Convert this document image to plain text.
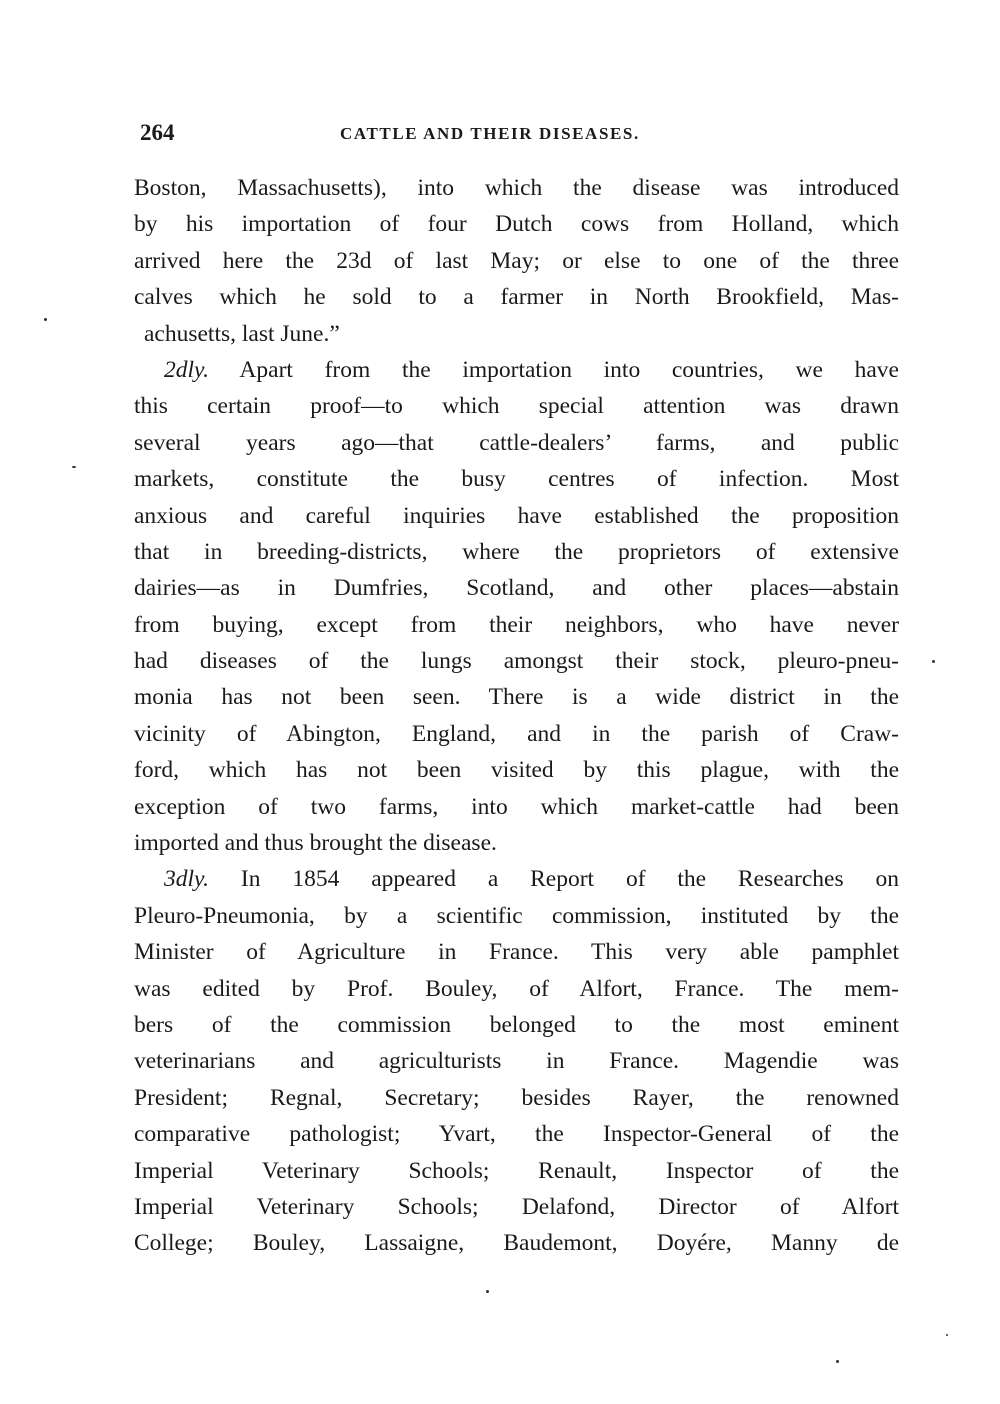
264	CATTLE AND THEIR DISEASES.
Boston, Massachusetts), into which the disease was introduced
by his importation of four Dutch cows from Holland, which
arrived here the 23d of last May; or else to one of the three
calves which he sold to a farmer in North Brookfield, Mas-
achusetts, last June.”
2dly. Apart from the importation into countries, we have
this certain proof—to which special attention was drawn
several years ago—that cattle-dealers’ farms, and public
markets, constitute the busy centres of infection. Most
anxious and careful inquiries have established the proposition
that in breeding-districts, where the proprietors of extensive
dairies—as in Dumfries, Scotland, and other places—abstain
from buying, except from their neighbors, who have never
had diseases of the lungs amongst their stock, pleuro-pneu-
monia has not been seen. There is a wide district in the
vicinity of Abington, England, and in the parish of Craw-
ford, which has not been visited by this plague, with the
exception of two farms, into which market-cattle had been
imported and thus brought the disease.
3dly. In 1854 appeared a Report of the Researches on
Pleuro-Pneumonia, by a scientific commission, instituted by the
Minister of Agriculture in France. This very able pamphlet
was edited by Prof. Bouley, of Alfort, France. The mem-
bers of the commission belonged to the most eminent
veterinarians and agriculturists in France. Magendie was
President; Regnal, Secretary; besides Rayer, the renowned
comparative pathologist; Yvart, the Inspector-General of the
Imperial Veterinary Schools; Renault, Inspector of the
Imperial Veterinary Schools; Delafond, Director of Alfort
College; Bouley, Lassaigne, Baudemont, Doyére, Manny de
